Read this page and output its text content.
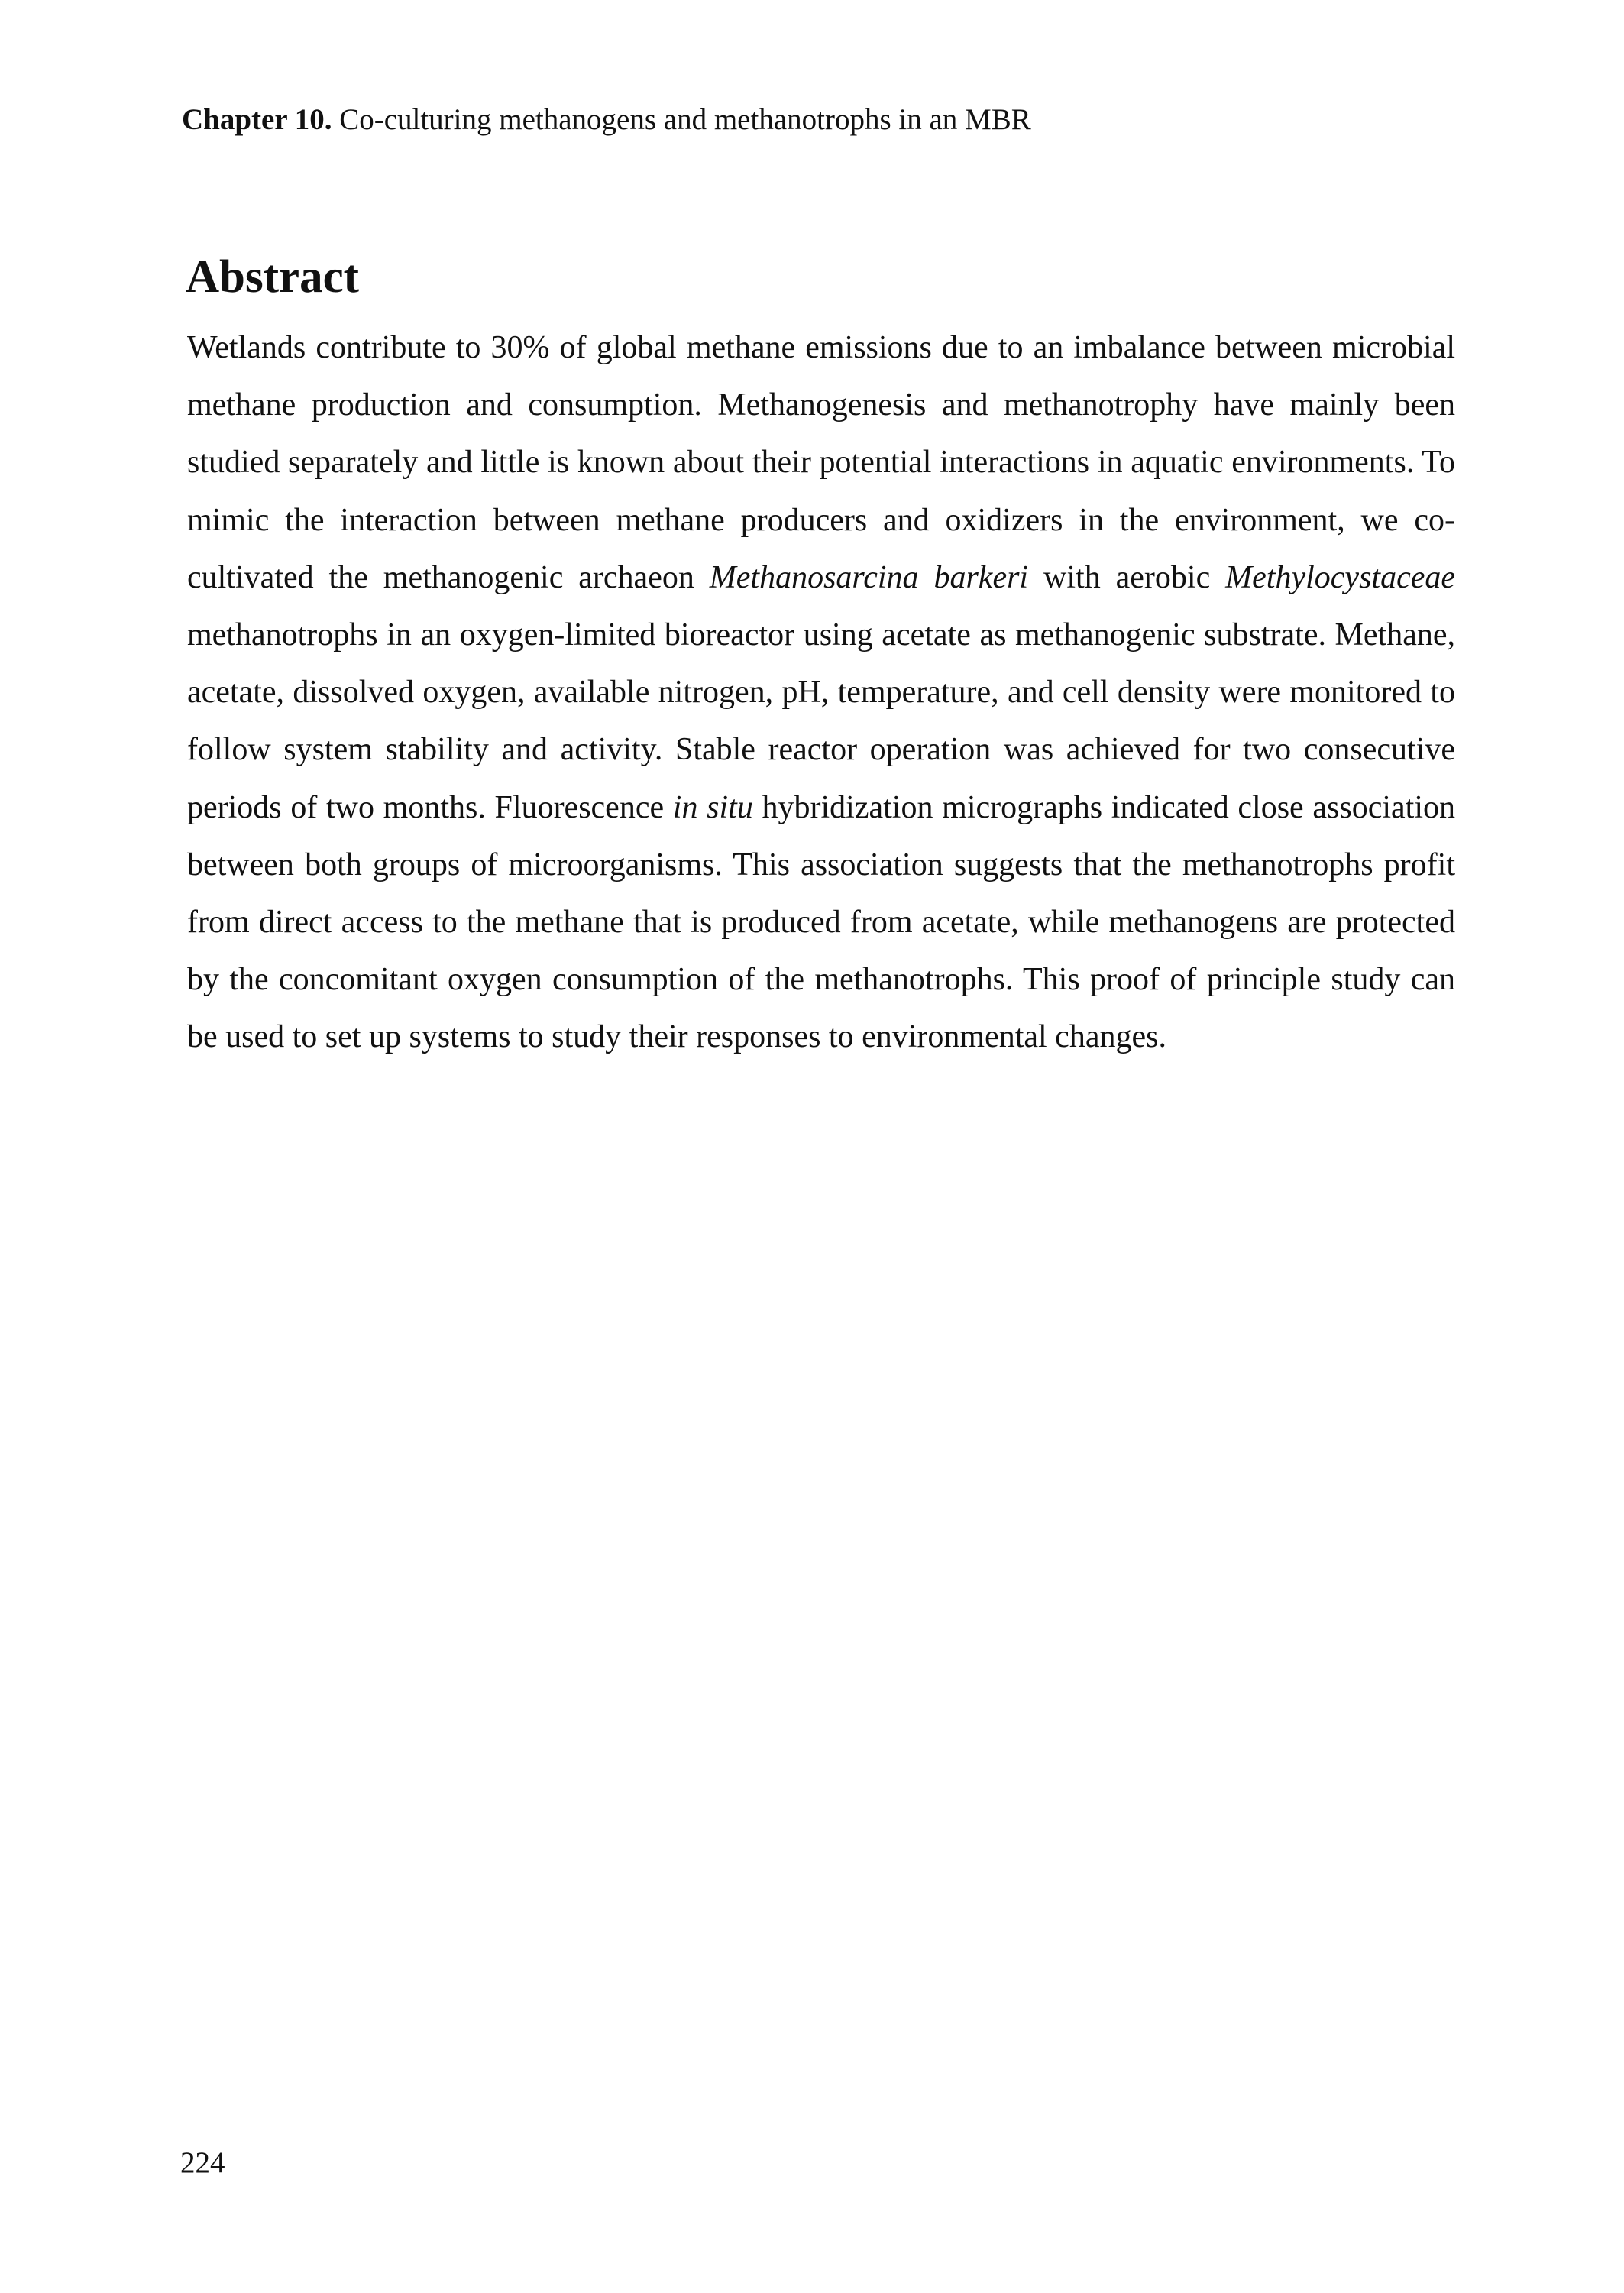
Chapter 10. Co-culturing methanogens and methanotrophs in an MBR
Abstract

Wetlands contribute to 30% of global methane emissions due to an imbalance between microbial methane production and consumption. Methanogenesis and methanotrophy have mainly been studied separately and little is known about their potential interactions in aquatic environments. To mimic the interaction between methane producers and oxidizers in the environment, we co-cultivated the methanogenic archaeon Methanosarcina barkeri with aerobic Methylocystaceae methanotrophs in an oxygen-limited bioreactor using acetate as methanogenic substrate. Methane, acetate, dissolved oxygen, available nitrogen, pH, temperature, and cell density were monitored to follow system stability and activity. Stable reactor operation was achieved for two consecutive periods of two months. Fluorescence in situ hybridization micrographs indicated close association between both groups of microorganisms. This association suggests that the methanotrophs profit from direct access to the methane that is produced from acetate, while methanogens are protected by the concomitant oxygen consumption of the methanotrophs. This proof of principle study can be used to set up systems to study their responses to environmental changes.

224
